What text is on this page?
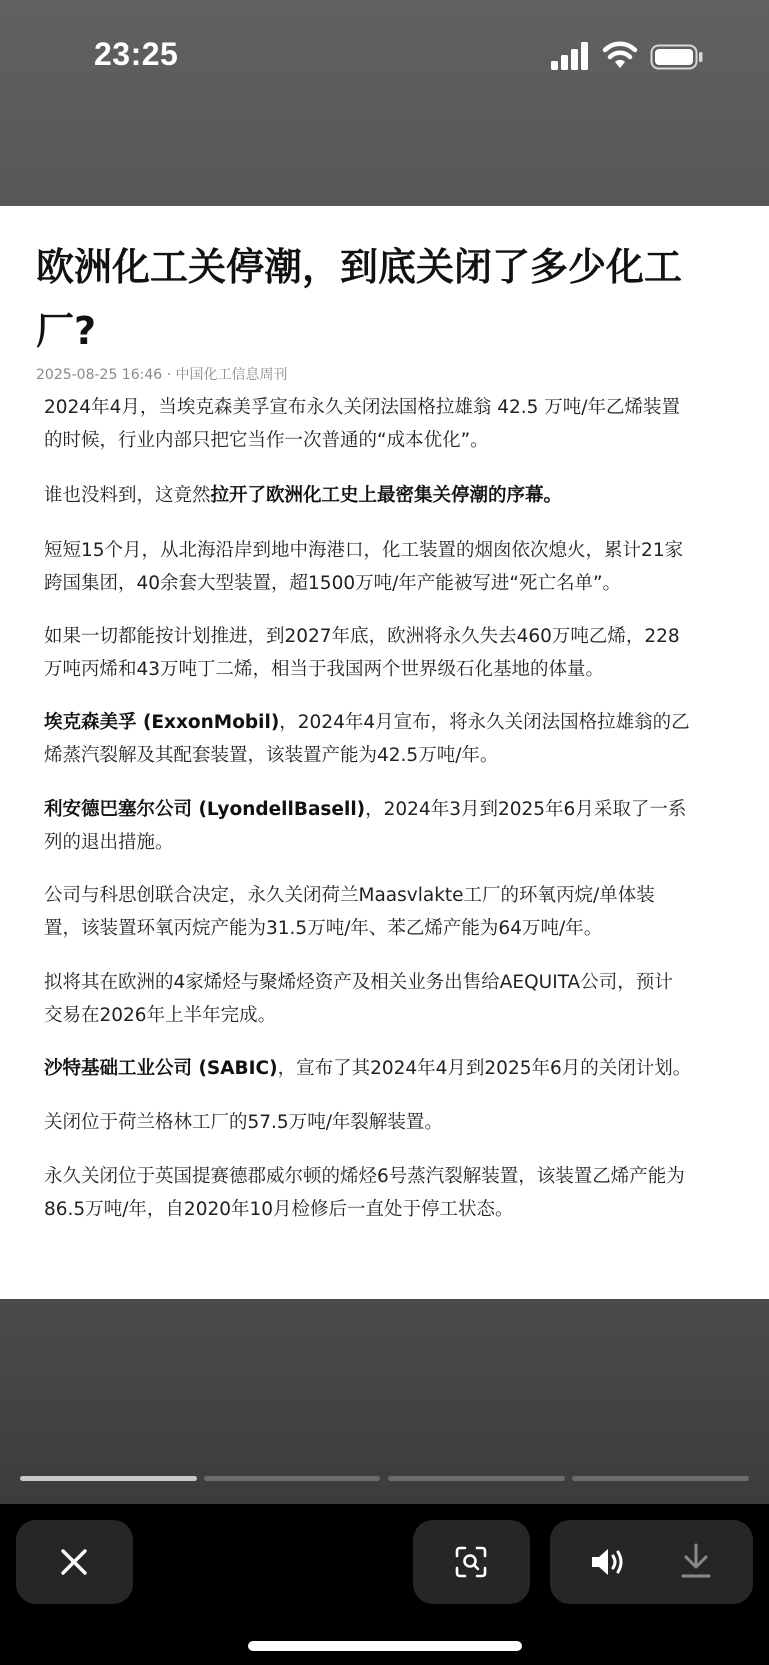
23:25
欧洲化工关停潮，到底关闭了多少化工
厂?
2025-08-25 16:46 · 中国化工信息周刊

2024年4月，当埃克森美孚宣布永久关闭法国格拉雄翁 42.5 万吨/年乙烯装置
的时候，行业内部只把它当作一次普通的“成本优化”。

谁也没料到，这竟然拉开了欧洲化工史上最密集关停潮的序幕。

短短15个月，从北海沿岸到地中海港口，化工装置的烟囱依次熄火，累计21家
跨国集团，40余套大型装置，超1500万吨/年产能被写进“死亡名单”。

如果一切都能按计划推进，到2027年底，欧洲将永久失去460万吨乙烯，228
万吨丙烯和43万吨丁二烯，相当于我国两个世界级石化基地的体量。

埃克森美孚 (ExxonMobil)，2024年4月宣布，将永久关闭法国格拉雄翁的乙
烯蒸汽裂解及其配套装置，该装置产能为42.5万吨/年。

利安德巴塞尔公司 (LyondellBasell)，2024年3月到2025年6月采取了一系
列的退出措施。

公司与科思创联合决定，永久关闭荷兰Maasvlakte工厂的环氧丙烷/单体装
置，该装置环氧丙烷产能为31.5万吨/年、苯乙烯产能为64万吨/年。

拟将其在欧洲的4家烯烃与聚烯烃资产及相关业务出售给AEQUITA公司，预计
交易在2026年上半年完成。

沙特基础工业公司 (SABIC)，宣布了其2024年4月到2025年6月的关闭计划。

关闭位于荷兰格林工厂的57.5万吨/年裂解装置。

永久关闭位于英国提赛德郡威尔顿的烯烃6号蒸汽裂解装置，该装置乙烯产能为
86.5万吨/年，自2020年10月检修后一直处于停工状态。
